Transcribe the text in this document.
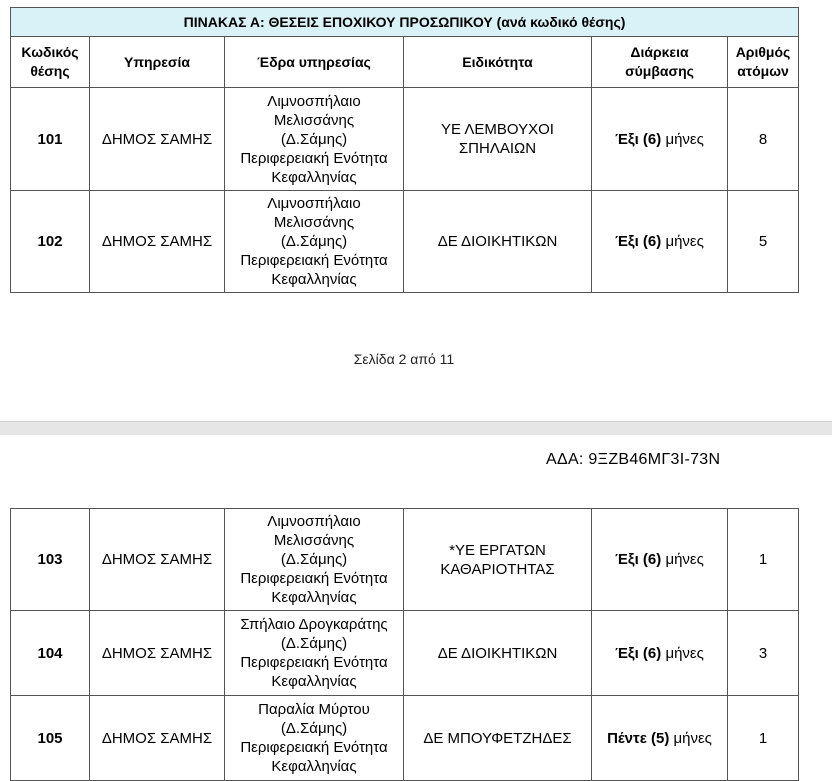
ΠΙΝΑΚΑΣ Α: ΘΕΣΕΙΣ ΕΠΟΧΙΚΟΥ ΠΡΟΣΩΠΙΚΟΥ (ανά κωδικό θέσης)					
Κωδικός
θέσης	Υπηρεσία	Έδρα υπηρεσίας	Ειδικότητα	Διάρκεια
σύμβασης	Αριθμός
ατόμων
101	ΔΗΜΟΣ ΣΑΜΗΣ	Λιμνοσπήλαιο
Μελισσάνης
(Δ.Σάμης)
Περιφερειακή Ενότητα
Κεφαλληνίας	ΥΕ ΛΕΜΒΟΥΧΟΙ
ΣΠΗΛΑΙΩΝ	Έξι (6) μήνες	8
102	ΔΗΜΟΣ ΣΑΜΗΣ	Λιμνοσπήλαιο
Μελισσάνης
(Δ.Σάμης)
Περιφερειακή Ενότητα
Κεφαλληνίας	ΔΕ ΔΙΟΙΚΗΤΙΚΩΝ	Έξι (6) μήνες	5
Σελίδα 2 από 11
ΑΔΑ: 9ΞΖΒ46ΜΓ3Ι-73Ν
103	ΔΗΜΟΣ ΣΑΜΗΣ	Λιμνοσπήλαιο
Μελισσάνης
(Δ.Σάμης)
Περιφερειακή Ενότητα
Κεφαλληνίας	*ΥΕ ΕΡΓΑΤΩΝ
ΚΑΘΑΡΙΟΤΗΤΑΣ	Έξι (6) μήνες	1
104	ΔΗΜΟΣ ΣΑΜΗΣ	Σπήλαιο Δρογκαράτης
(Δ.Σάμης)
Περιφερειακή Ενότητα
Κεφαλληνίας	ΔΕ ΔΙΟΙΚΗΤΙΚΩΝ	Έξι (6) μήνες	3
105	ΔΗΜΟΣ ΣΑΜΗΣ	Παραλία Μύρτου
(Δ.Σάμης)
Περιφερειακή Ενότητα
Κεφαλληνίας	ΔΕ ΜΠΟΥΦΕΤΖΗΔΕΣ	Πέντε (5) μήνες	1
